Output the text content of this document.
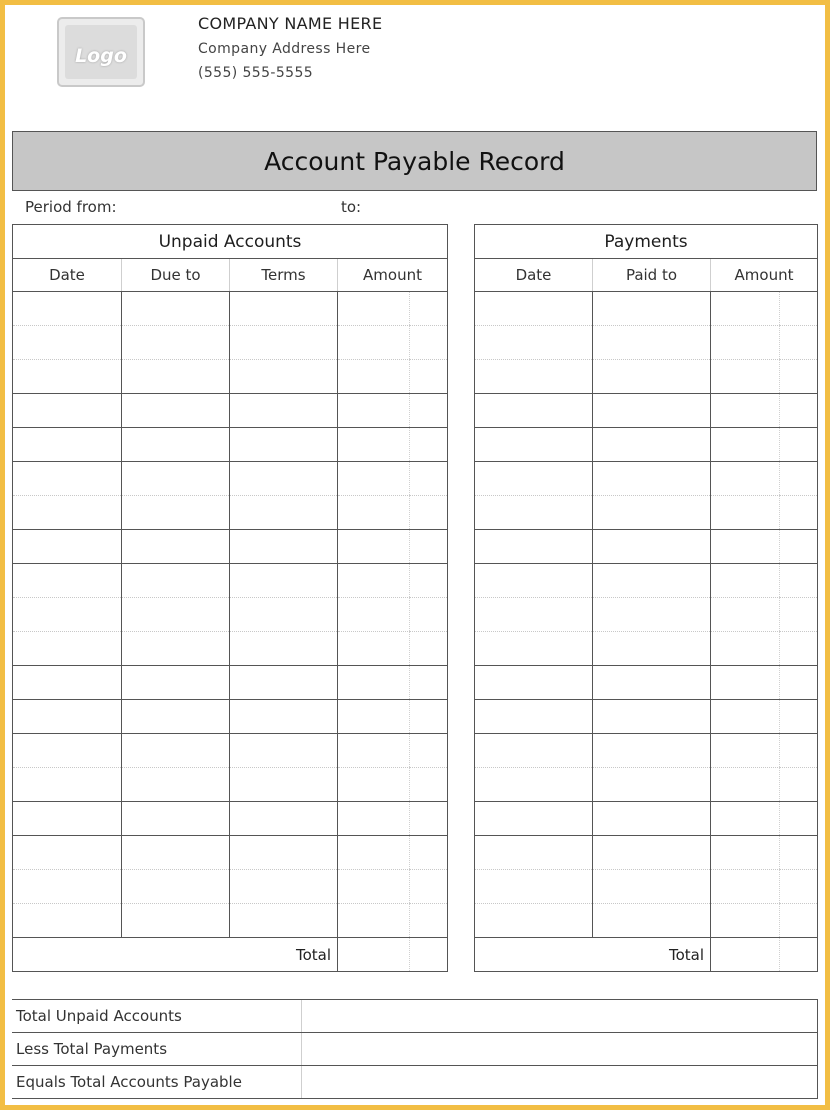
Logo
COMPANY NAME HERE
Company Address Here
(555) 555-5555
Account Payable Record
Period from:	to:
Unpaid Accounts				
Date	Due to	Terms	Amount	

Total				
Payments			
Date	Paid to	Amount	

Total			
Total Unpaid Accounts	
Less Total Payments	
Equals Total Accounts Payable	
